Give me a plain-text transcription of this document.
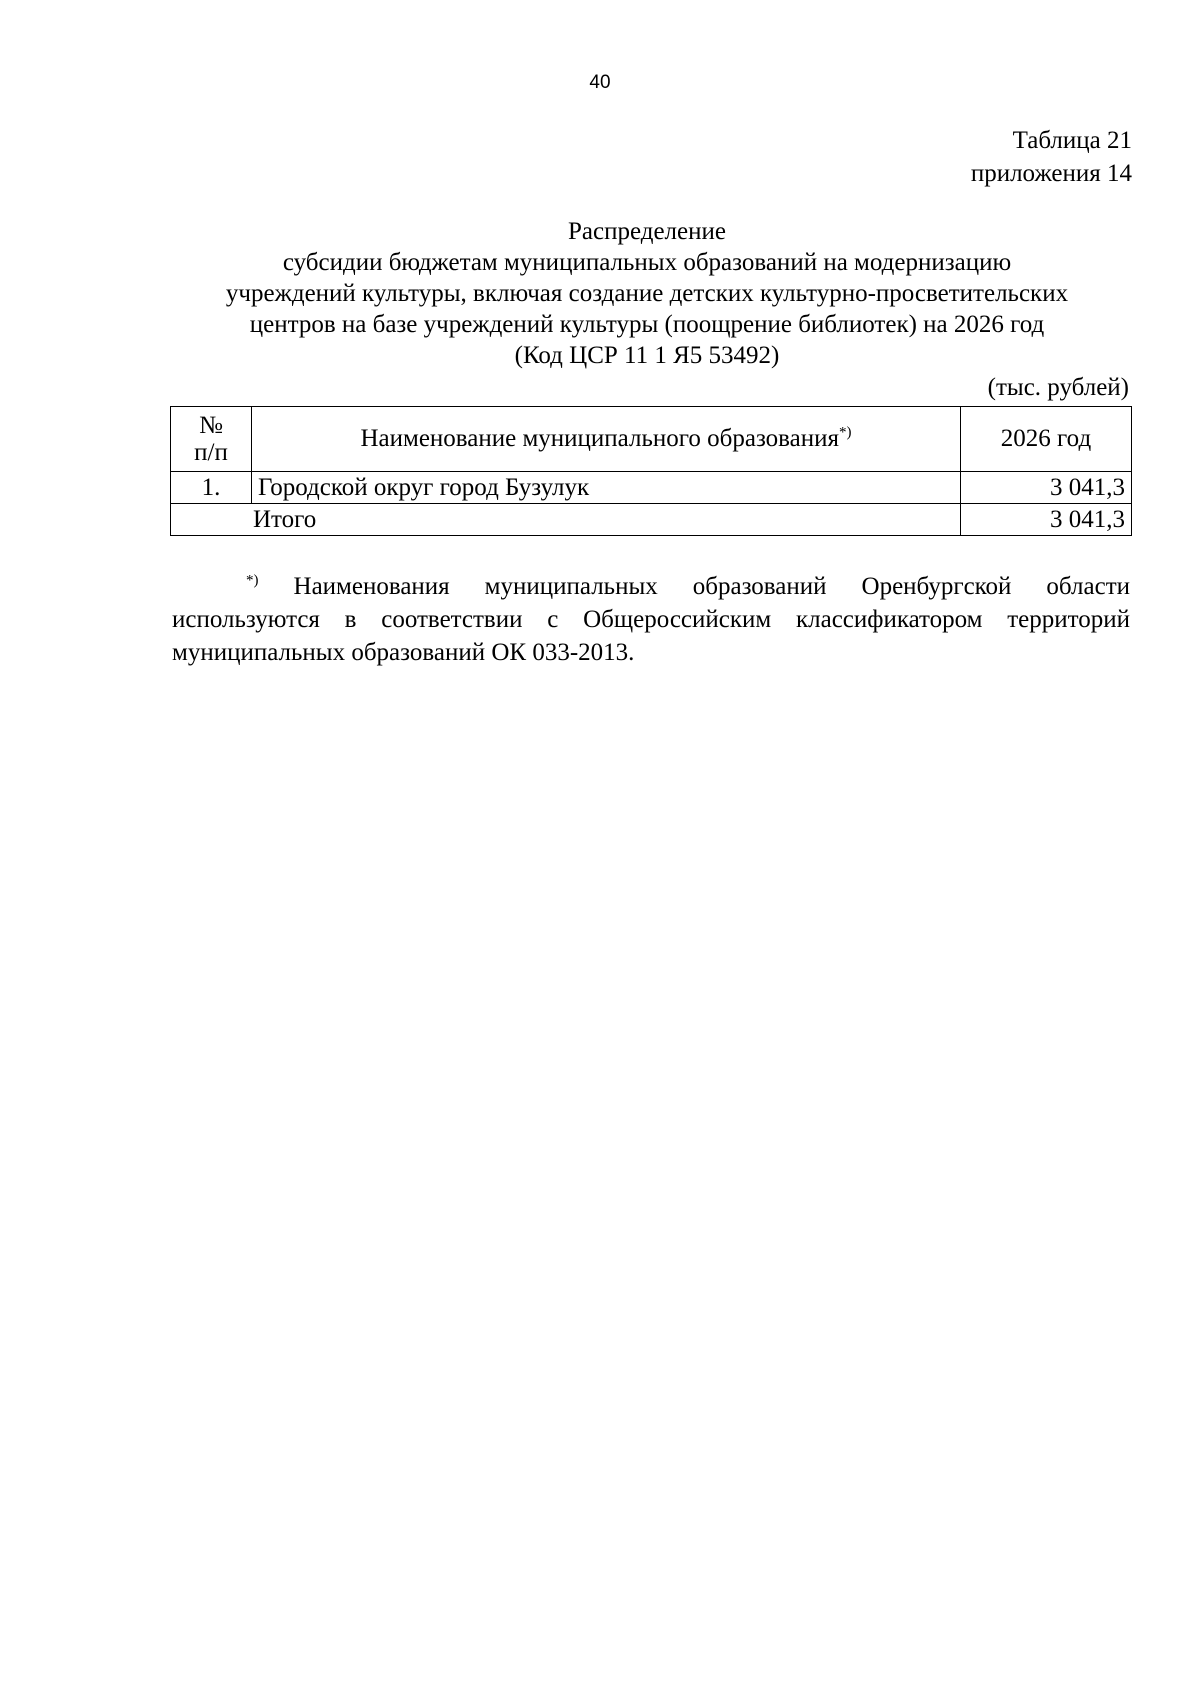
40
Таблица 21
приложения 14
Распределение
субсидии бюджетам муниципальных образований на модернизацию
учреждений культуры, включая создание детских культурно-просветительских
центров на базе учреждений культуры (поощрение библиотек) на 2026 год
(Код ЦСР 11 1 Я5 53492)
(тыс. рублей)
№
п/п	Наименование муниципального образования*)	2026 год
1.	Городской округ город Бузулук	3 041,3
Итого		3 041,3
*) Наименования муниципальных образований Оренбургской области используются в соответствии с Общероссийским классификатором территорий муниципальных образований ОК 033-2013.
